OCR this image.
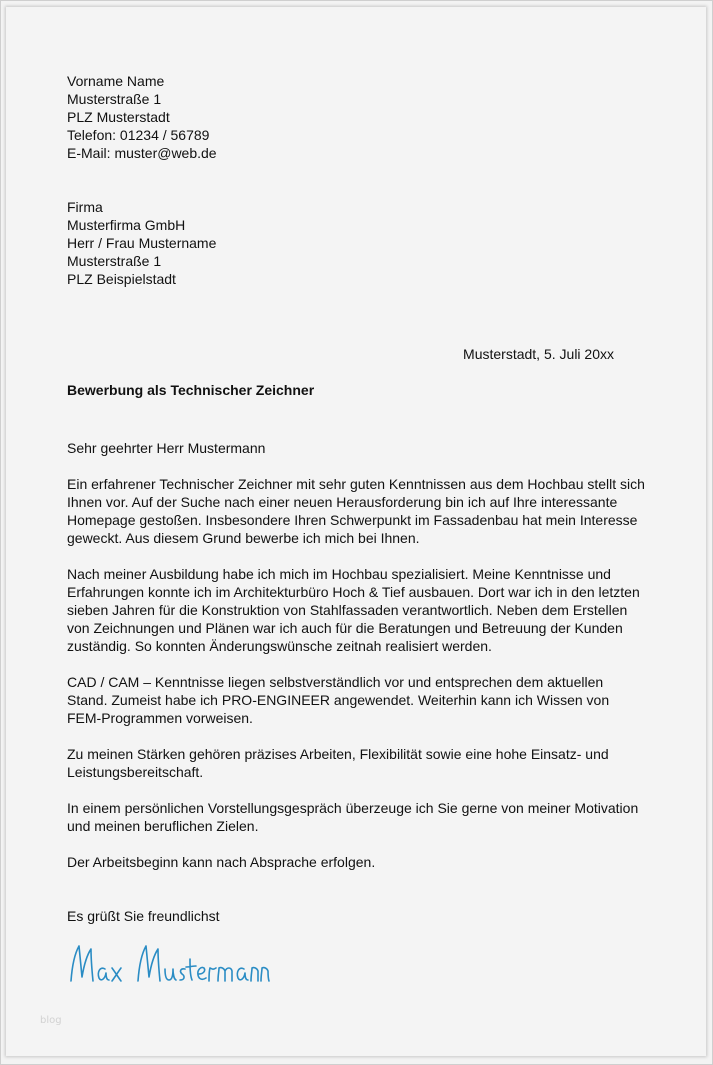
Vorname Name
Musterstraße 1
PLZ Musterstadt
Telefon: 01234 / 56789
E-Mail: muster@web.de
Firma
Musterfirma GmbH
Herr / Frau Mustername
Musterstraße 1
PLZ Beispielstadt
Musterstadt, 5. Juli 20xx
Bewerbung als Technischer Zeichner
Sehr geehrter Herr Mustermann
Ein erfahrener Technischer Zeichner mit sehr guten Kenntnissen aus dem Hochbau stellt sich Ihnen vor. Auf der Suche nach einer neuen Herausforderung bin ich auf Ihre interessante Homepage gestoßen. Insbesondere Ihren Schwerpunkt im Fassadenbau hat mein Interesse geweckt. Aus diesem Grund bewerbe ich mich bei Ihnen.
Nach meiner Ausbildung habe ich mich im Hochbau spezialisiert. Meine Kenntnisse und Erfahrungen konnte ich im Architekturbüro Hoch & Tief ausbauen. Dort war ich in den letzten sieben Jahren für die Konstruktion von Stahlfassaden verantwortlich. Neben dem Erstellen von Zeichnungen und Plänen war ich auch für die Beratungen und Betreuung der Kunden zuständig. So konnten Änderungswünsche zeitnah realisiert werden.
CAD / CAM – Kenntnisse liegen selbstverständlich vor und entsprechen dem aktuellen Stand. Zumeist habe ich PRO-ENGINEER angewendet. Weiterhin kann ich Wissen von FEM-Programmen vorweisen.
Zu meinen Stärken gehören präzises Arbeiten, Flexibilität sowie eine hohe Einsatz- und Leistungsbereitschaft.
In einem persönlichen Vorstellungsgespräch überzeuge ich Sie gerne von meiner Motivation und meinen beruflichen Zielen.
Der Arbeitsbeginn kann nach Absprache erfolgen.
Es grüßt Sie freundlichst
blog
